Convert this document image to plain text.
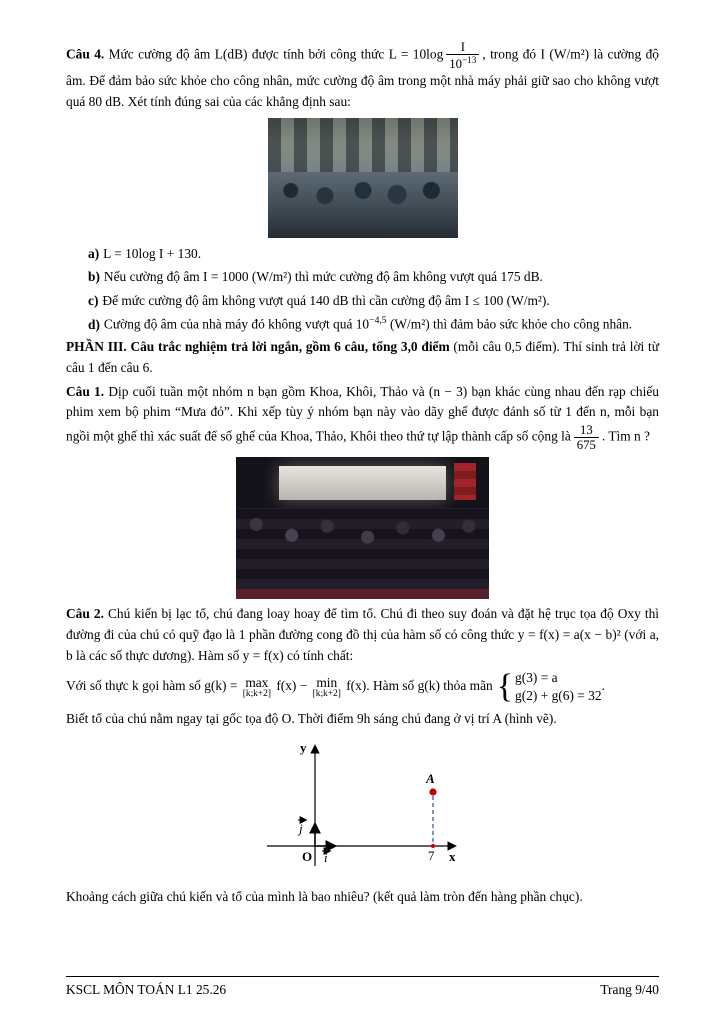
Câu 4. Mức cường độ âm L(dB) được tính bởi công thức $L = 10\log \frac{I}{10^{-13}}$ , trong đó I (W/m²) là cường độ âm. Để đảm bảo sức khỏe cho công nhân, mức cường độ âm trong một nhà máy phải giữ sao cho không vượt quá 80 dB. Xét tính đúng sai của các khẳng định sau:

a) L = 10log I + 130.
b) Nếu cường độ âm I = 1000 (W/m²) thì mức cường độ âm không vượt quá 175 dB.
c) Để mức cường độ âm không vượt quá 140 dB thì cần cường độ âm I ≤ 100 (W/m²).
d) Cường độ âm của nhà máy đó không vượt quá $10^{-4,5}$ (W/m²) thì đảm bảo sức khỏe cho công nhân.

PHẦN III. Câu trắc nghiệm trả lời ngắn, gồm 6 câu, tổng 3,0 điểm (mỗi câu 0,5 điểm). Thí sinh trả lời từ câu 1 đến câu 6.

Câu 1. Dịp cuối tuần một nhóm n bạn gồm Khoa, Khôi, Thảo và (n − 3) bạn khác cùng nhau đến rạp chiếu phim xem bộ phim “Mưa đỏ”. Khi xếp tùy ý nhóm bạn này vào dãy ghế được đánh số từ 1 đến n, mỗi bạn ngồi một ghế thì xác suất để số ghế của Khoa, Thảo, Khôi theo thứ tự lập thành cấp số cộng là $\frac{13}{675}$ . Tìm n ?

Câu 2. Chú kiến bị lạc tổ, chú đang loay hoay để tìm tổ. Chú đi theo suy đoán và đặt hệ trục tọa độ Oxy thì đường đi của chú có quỹ đạo là 1 phần đường cong đồ thị của hàm số có công thức y = f(x) = a(x − b)² (với a, b là các số thực dương). Hàm số y = f(x) có tính chất:

Với số thực k gọi hàm số g(k) = max
[k;k+2]
f(x) − min
[k;k+2]
f(x). Hàm số g(k) thỏa mãn { g(3) = a
g(2) + g(6) = 32
.

Biết tổ của chú nằm ngay tại gốc tọa độ O. Thời điểm 9h sáng chú đang ở vị trí A (hình vẽ).

y
x
O
j
i
A
7

Khoảng cách giữa chú kiến và tổ của mình là bao nhiêu? (kết quả làm tròn đến hàng phần chục).

KSCL MÔN TOÁN L1 25.26	Trang 9/40
